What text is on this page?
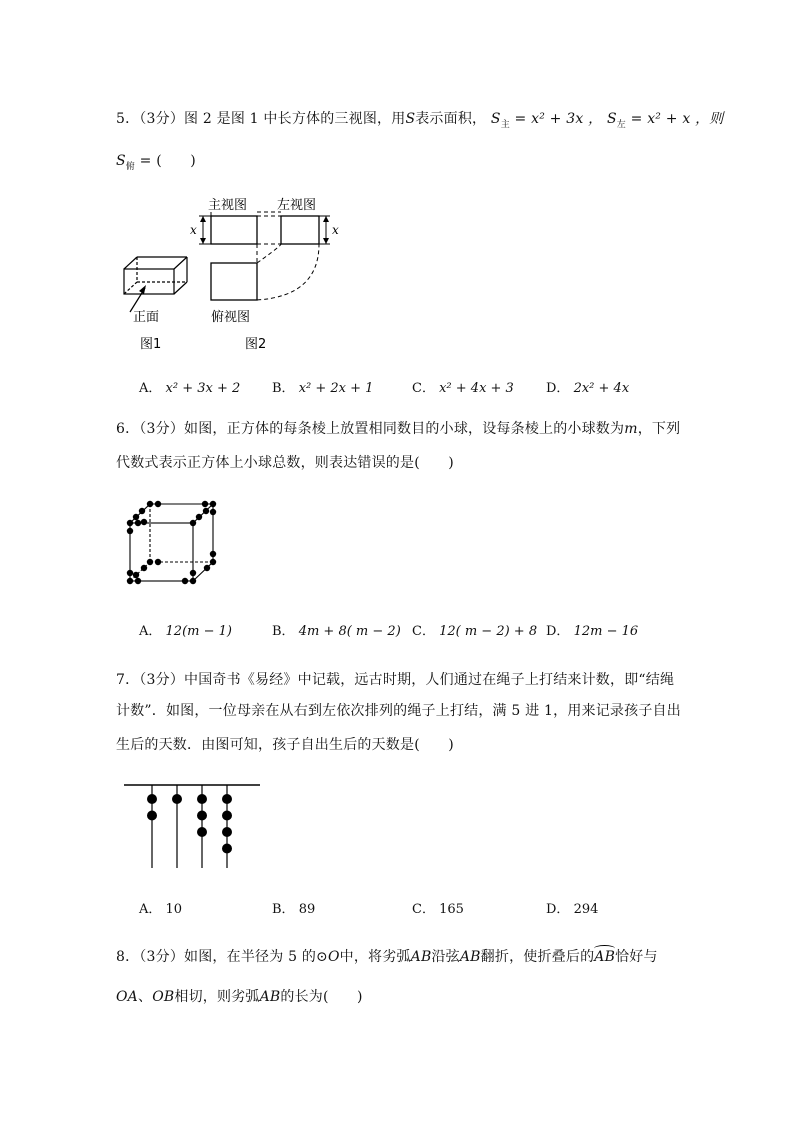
5．（3分）图 2 是图 1 中长方体的三视图，用S表示面积， $S_主 = x^2 + 3x$ ， $S_左 = x^2 + x$ ，则
$S_俯$ = (　　)
x	x
主视图 左视图
俯视图
正面
图1	图2
A． x² + 3x + 2 B． x² + 2x + 1	C． x² + 4x + 3 D． 2x² + 4x
6．（3分）如图，正方体的每条棱上放置相同数目的小球，设每条棱上的小球数为m，下列
代数式表示正方体上小球总数，则表达错误的是(　　)
A． 12(m − 1)	B． 4m + 8( m − 2) C． 12( m − 2) + 8 D． 12m − 16
7．（3分）中国奇书《易经》中记载，远古时期，人们通过在绳子上打结来计数，即“结绳
计数”．如图，一位母亲在从右到左依次排列的绳子上打结，满 5 进 1，用来记录孩子自出
生后的天数．由图可知，孩子自出生后的天数是(　　)
A． 10	B． 89	C． 165	D． 294
8．（3分）如图，在半径为 5 的⊙O中，将劣弧AB沿弦AB翻折，使折叠后的
AB恰好与
OA、OB相切，则劣弧AB的长为(　　)
